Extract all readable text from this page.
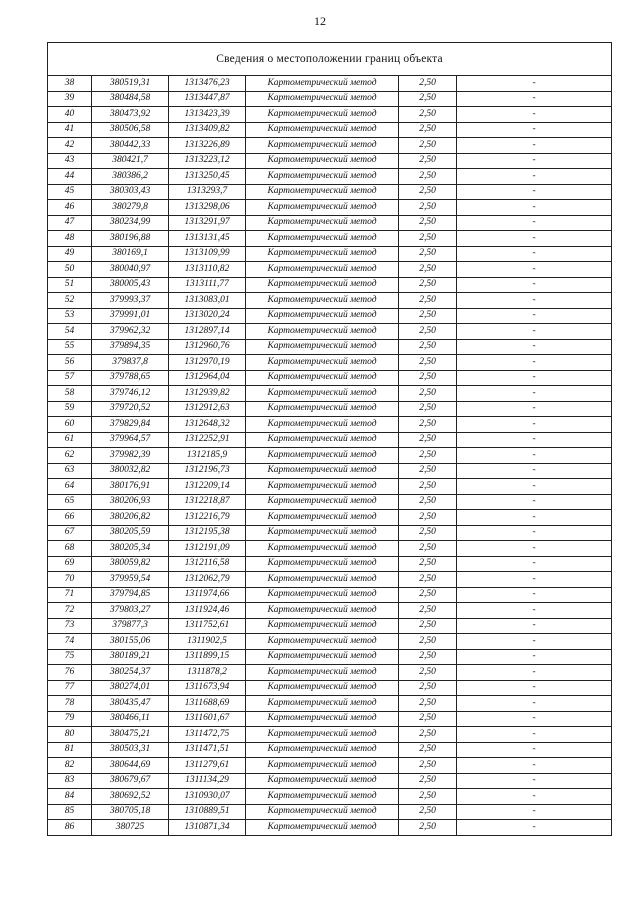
12
Сведения о местоположении границ объекта					
38	380519,31	1313476,23	Картометрический метод	2,50	-
39	380484,58	1313447,87	Картометрический метод	2,50	-
40	380473,92	1313423,39	Картометрический метод	2,50	-
41	380506,58	1313409,82	Картометрический метод	2,50	-
42	380442,33	1313226,89	Картометрический метод	2,50	-
43	380421,7	1313223,12	Картометрический метод	2,50	-
44	380386,2	1313250,45	Картометрический метод	2,50	-
45	380303,43	1313293,7	Картометрический метод	2,50	-
46	380279,8	1313298,06	Картометрический метод	2,50	-
47	380234,99	1313291,97	Картометрический метод	2,50	-
48	380196,88	1313131,45	Картометрический метод	2,50	-
49	380169,1	1313109,99	Картометрический метод	2,50	-
50	380040,97	1313110,82	Картометрический метод	2,50	-
51	380005,43	1313111,77	Картометрический метод	2,50	-
52	379993,37	1313083,01	Картометрический метод	2,50	-
53	379991,01	1313020,24	Картометрический метод	2,50	-
54	379962,32	1312897,14	Картометрический метод	2,50	-
55	379894,35	1312960,76	Картометрический метод	2,50	-
56	379837,8	1312970,19	Картометрический метод	2,50	-
57	379788,65	1312964,04	Картометрический метод	2,50	-
58	379746,12	1312939,82	Картометрический метод	2,50	-
59	379720,52	1312912,63	Картометрический метод	2,50	-
60	379829,84	1312648,32	Картометрический метод	2,50	-
61	379964,57	1312252,91	Картометрический метод	2,50	-
62	379982,39	1312185,9	Картометрический метод	2,50	-
63	380032,82	1312196,73	Картометрический метод	2,50	-
64	380176,91	1312209,14	Картометрический метод	2,50	-
65	380206,93	1312218,87	Картометрический метод	2,50	-
66	380206,82	1312216,79	Картометрический метод	2,50	-
67	380205,59	1312195,38	Картометрический метод	2,50	-
68	380205,34	1312191,09	Картометрический метод	2,50	-
69	380059,82	1312116,58	Картометрический метод	2,50	-
70	379959,54	1312062,79	Картометрический метод	2,50	-
71	379794,85	1311974,66	Картометрический метод	2,50	-
72	379803,27	1311924,46	Картометрический метод	2,50	-
73	379877,3	1311752,61	Картометрический метод	2,50	-
74	380155,06	1311902,5	Картометрический метод	2,50	-
75	380189,21	1311899,15	Картометрический метод	2,50	-
76	380254,37	1311878,2	Картометрический метод	2,50	-
77	380274,01	1311673,94	Картометрический метод	2,50	-
78	380435,47	1311688,69	Картометрический метод	2,50	-
79	380466,11	1311601,67	Картометрический метод	2,50	-
80	380475,21	1311472,75	Картометрический метод	2,50	-
81	380503,31	1311471,51	Картометрический метод	2,50	-
82	380644,69	1311279,61	Картометрический метод	2,50	-
83	380679,67	1311134,29	Картометрический метод	2,50	-
84	380692,52	1310930,07	Картометрический метод	2,50	-
85	380705,18	1310889,51	Картометрический метод	2,50	-
86	380725	1310871,34	Картометрический метод	2,50	-
